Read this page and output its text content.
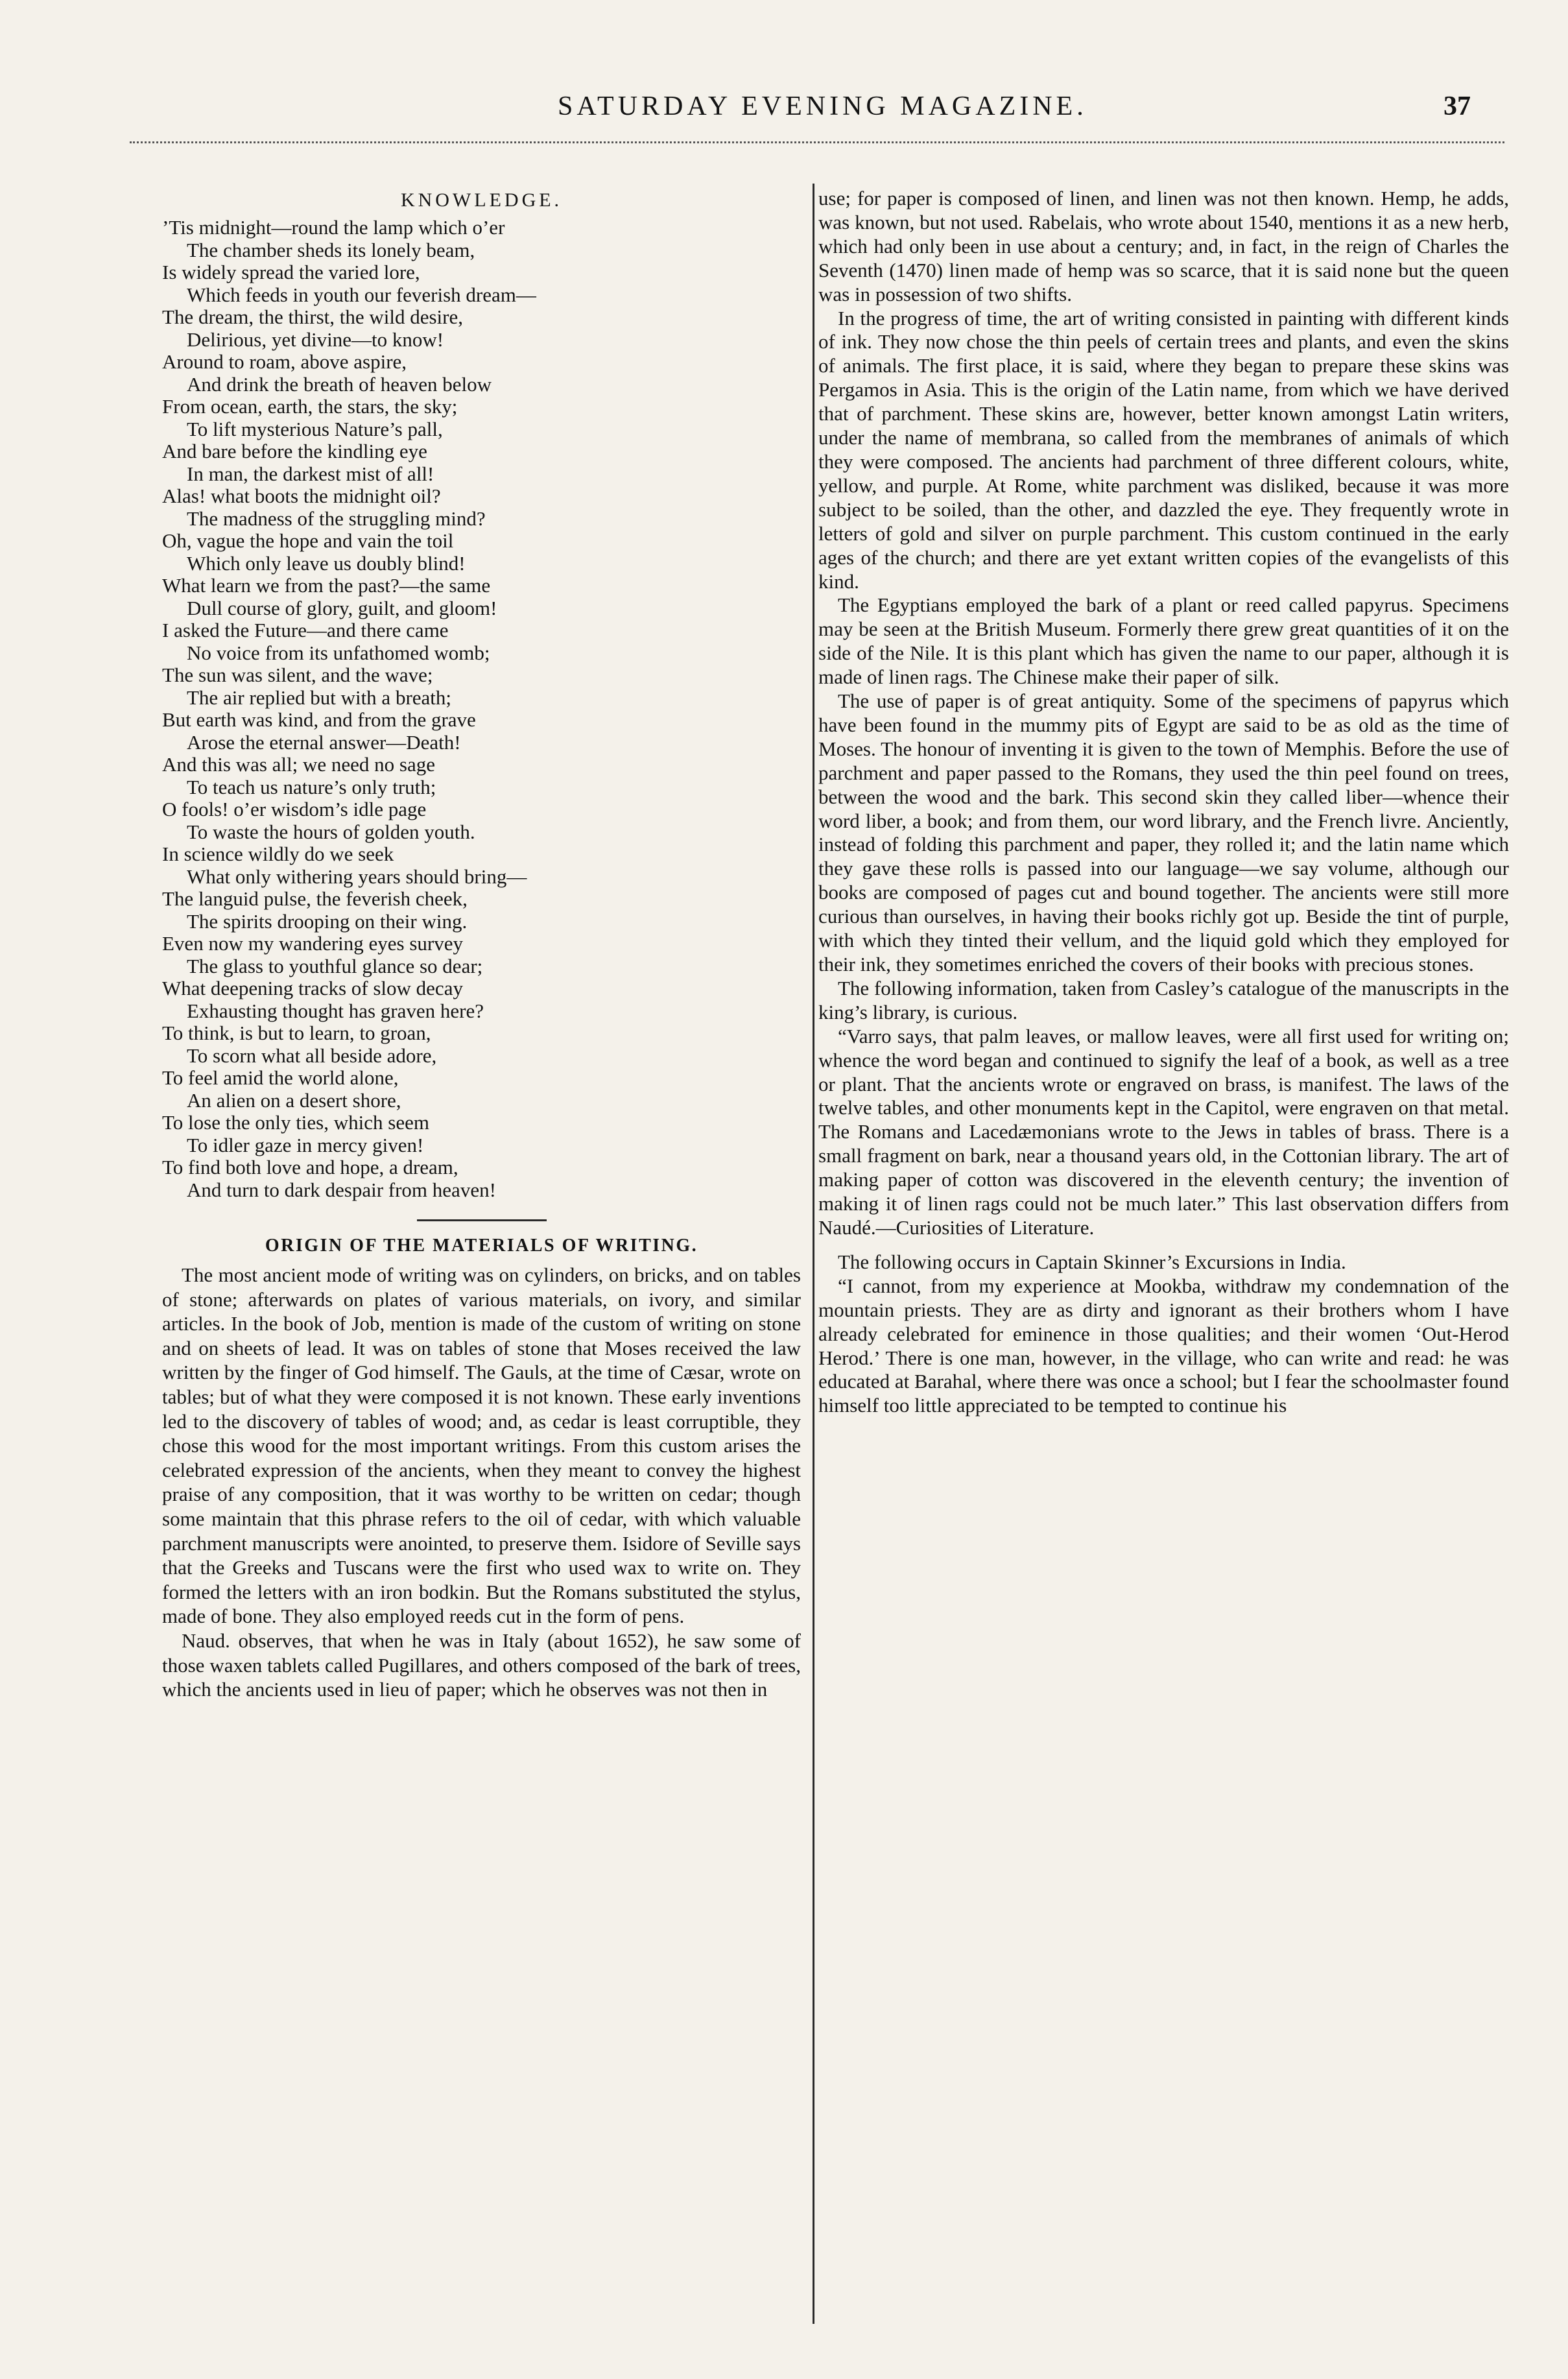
SATURDAY EVENING MAGAZINE.	37
KNOWLEDGE.
’Tis midnight—round the lamp which o’er
The chamber sheds its lonely beam,
Is widely spread the varied lore,
Which feeds in youth our feverish dream—
The dream, the thirst, the wild desire,
Delirious, yet divine—to know!
Around to roam, above aspire,
And drink the breath of heaven below
From ocean, earth, the stars, the sky;
To lift mysterious Nature’s pall,
And bare before the kindling eye
In man, the darkest mist of all!
Alas! what boots the midnight oil?
The madness of the struggling mind?
Oh, vague the hope and vain the toil
Which only leave us doubly blind!
What learn we from the past?—the same
Dull course of glory, guilt, and gloom!
I asked the Future—and there came
No voice from its unfathomed womb;
The sun was silent, and the wave;
The air replied but with a breath;
But earth was kind, and from the grave
Arose the eternal answer—Death!
And this was all; we need no sage
To teach us nature’s only truth;
O fools! o’er wisdom’s idle page
To waste the hours of golden youth.
In science wildly do we seek
What only withering years should bring—
The languid pulse, the feverish cheek,
The spirits drooping on their wing.
Even now my wandering eyes survey
The glass to youthful glance so dear;
What deepening tracks of slow decay
Exhausting thought has graven here?
To think, is but to learn, to groan,
To scorn what all beside adore,
To feel amid the world alone,
An alien on a desert shore,
To lose the only ties, which seem
To idler gaze in mercy given!
To find both love and hope, a dream,
And turn to dark despair from heaven!
ORIGIN OF THE MATERIALS OF WRITING.

The most ancient mode of writing was on cylinders, on bricks, and on tables of stone; afterwards on plates of various materials, on ivory, and similar articles. In the book of Job, mention is made of the custom of writing on stone and on sheets of lead. It was on tables of stone that Moses received the law written by the finger of God himself. The Gauls, at the time of Cæsar, wrote on tables; but of what they were composed it is not known. These early inventions led to the discovery of tables of wood; and, as cedar is least corruptible, they chose this wood for the most important writings. From this custom arises the celebrated expression of the ancients, when they meant to convey the highest praise of any composition, that it was worthy to be written on cedar; though some maintain that this phrase refers to the oil of cedar, with which valuable parchment manuscripts were anointed, to preserve them. Isidore of Seville says that the Greeks and Tuscans were the first who used wax to write on. They formed the letters with an iron bodkin. But the Romans substituted the stylus, made of bone. They also employed reeds cut in the form of pens.

Naud. observes, that when he was in Italy (about 1652), he saw some of those waxen tablets called Pugillares, and others composed of the bark of trees, which the ancients used in lieu of paper; which he observes was not then in

use; for paper is composed of linen, and linen was not then known. Hemp, he adds, was known, but not used. Rabelais, who wrote about 1540, mentions it as a new herb, which had only been in use about a century; and, in fact, in the reign of Charles the Seventh (1470) linen made of hemp was so scarce, that it is said none but the queen was in possession of two shifts.

In the progress of time, the art of writing consisted in painting with different kinds of ink. They now chose the thin peels of certain trees and plants, and even the skins of animals. The first place, it is said, where they began to prepare these skins was Pergamos in Asia. This is the origin of the Latin name, from which we have derived that of parchment. These skins are, however, better known amongst Latin writers, under the name of membrana, so called from the membranes of animals of which they were composed. The ancients had parchment of three different colours, white, yellow, and purple. At Rome, white parchment was disliked, because it was more subject to be soiled, than the other, and dazzled the eye. They frequently wrote in letters of gold and silver on purple parchment. This custom continued in the early ages of the church; and there are yet extant written copies of the evangelists of this kind.

The Egyptians employed the bark of a plant or reed called papyrus. Specimens may be seen at the British Museum. Formerly there grew great quantities of it on the side of the Nile. It is this plant which has given the name to our paper, although it is made of linen rags. The Chinese make their paper of silk.

The use of paper is of great antiquity. Some of the specimens of papyrus which have been found in the mummy pits of Egypt are said to be as old as the time of Moses. The honour of inventing it is given to the town of Memphis. Before the use of parchment and paper passed to the Romans, they used the thin peel found on trees, between the wood and the bark. This second skin they called liber—whence their word liber, a book; and from them, our word library, and the French livre. Anciently, instead of folding this parchment and paper, they rolled it; and the latin name which they gave these rolls is passed into our language—we say volume, although our books are composed of pages cut and bound together. The ancients were still more curious than ourselves, in having their books richly got up. Beside the tint of purple, with which they tinted their vellum, and the liquid gold which they employed for their ink, they sometimes enriched the covers of their books with precious stones.

The following information, taken from Casley’s catalogue of the manuscripts in the king’s library, is curious.

“Varro says, that palm leaves, or mallow leaves, were all first used for writing on; whence the word began and continued to signify the leaf of a book, as well as a tree or plant. That the ancients wrote or engraved on brass, is manifest. The laws of the twelve tables, and other monuments kept in the Capitol, were engraven on that metal. The Romans and Lacedæmonians wrote to the Jews in tables of brass. There is a small fragment on bark, near a thousand years old, in the Cottonian library. The art of making paper of cotton was discovered in the eleventh century; the invention of making it of linen rags could not be much later.” This last observation differs from Naudé.—Curiosities of Literature.

The following occurs in Captain Skinner’s Excursions in India.

“I cannot, from my experience at Mookba, withdraw my condemnation of the mountain priests. They are as dirty and ignorant as their brothers whom I have already celebrated for eminence in those qualities; and their women ‘Out-Herod Herod.’ There is one man, however, in the village, who can write and read: he was educated at Barahal, where there was once a school; but I fear the schoolmaster found himself too little appreciated to be tempted to continue his
